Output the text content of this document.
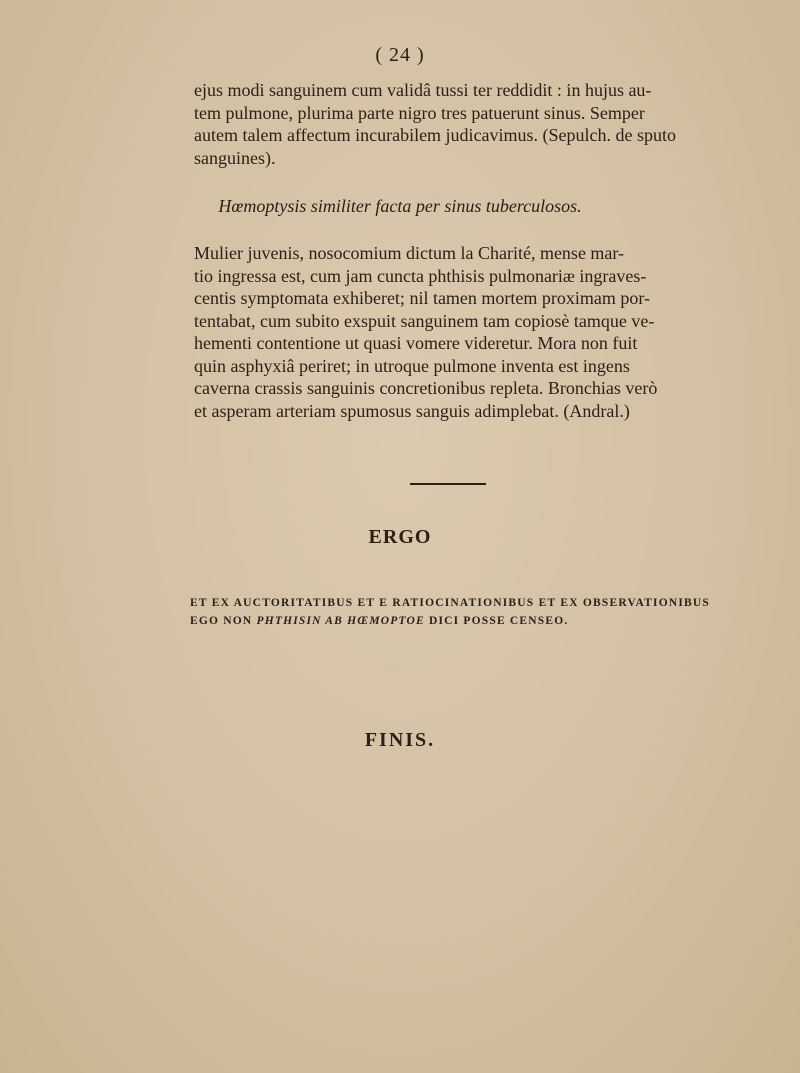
( 24 )
ejus modi sanguinem cum validâ tussi ter reddidit : in hujus au-
tem pulmone, plurima parte nigro tres patuerunt sinus. Semper
autem talem affectum incurabilem judicavimus. (Sepulch. de sputo
sanguines).
Hœmoptysis similiter facta per sinus tuberculosos.
Mulier juvenis, nosocomium dictum la Charité, mense mar-
tio ingressa est, cum jam cuncta phthisis pulmonariæ ingraves-
centis symptomata exhiberet; nil tamen mortem proximam por-
tentabat, cum subito exspuit sanguinem tam copiosè tamque ve-
hementi contentione ut quasi vomere videretur. Mora non fuit
quin asphyxiâ periret; in utroque pulmone inventa est ingens
caverna crassis sanguinis concretionibus repleta. Bronchias verò
et asperam arteriam spumosus sanguis adimplebat. (Andral.)
ERGO
ET EX AUCTORITATIBUS ET E RATIOCINATIONIBUS ET EX OBSERVATIONIBUS EGO NON PHTHISIN AB HŒMOPTOE DICI POSSE CENSEO.
FINIS.
